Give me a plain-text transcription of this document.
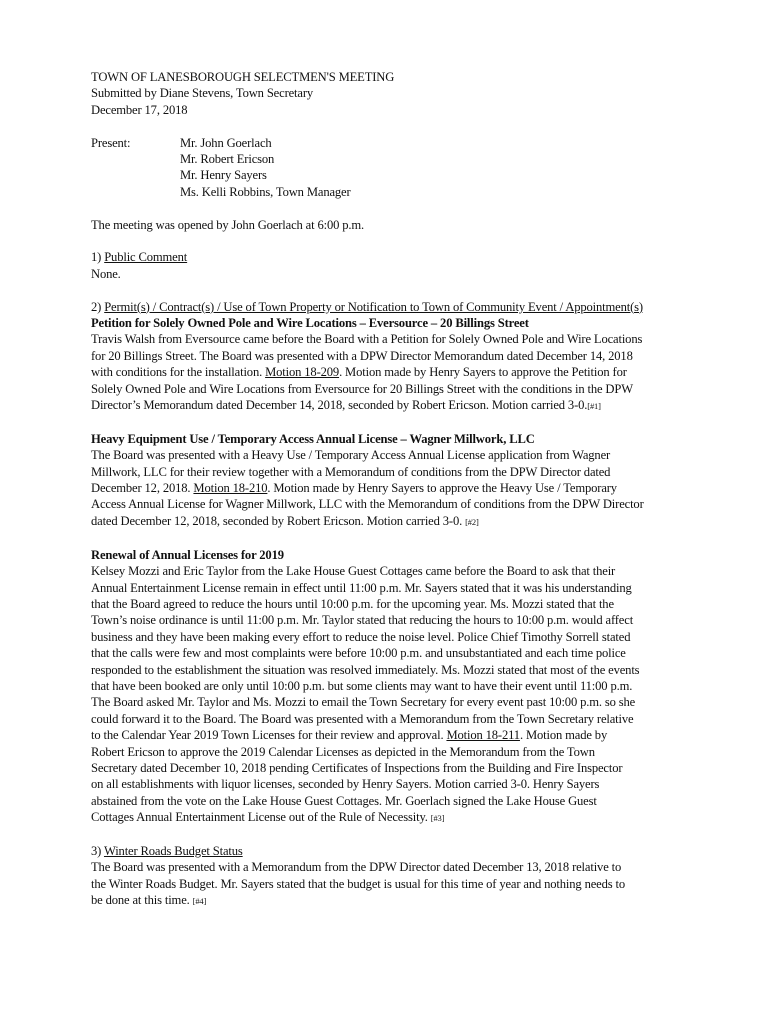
TOWN OF LANESBOROUGH SELECTMEN'S MEETING
Submitted by Diane Stevens, Town Secretary
December 17, 2018
Present:	Mr. John Goerlach
Mr. Robert Ericson
Mr. Henry Sayers
Ms. Kelli Robbins, Town Manager
The meeting was opened by John Goerlach at 6:00 p.m.
1) Public Comment
None.
2) Permit(s) / Contract(s) / Use of Town Property or Notification to Town of Community Event / Appointment(s)
Petition for Solely Owned Pole and Wire Locations – Eversource – 20 Billings Street
Travis Walsh from Eversource came before the Board with a Petition for Solely Owned Pole and Wire Locations
for 20 Billings Street. The Board was presented with a DPW Director Memorandum dated December 14, 2018
with conditions for the installation. Motion 18-209. Motion made by Henry Sayers to approve the Petition for
Solely Owned Pole and Wire Locations from Eversource for 20 Billings Street with the conditions in the DPW
Director’s Memorandum dated December 14, 2018, seconded by Robert Ericson. Motion carried 3-0.[#1]
Heavy Equipment Use / Temporary Access Annual License – Wagner Millwork, LLC
The Board was presented with a Heavy Use / Temporary Access Annual License application from Wagner
Millwork, LLC for their review together with a Memorandum of conditions from the DPW Director dated
December 12, 2018. Motion 18-210. Motion made by Henry Sayers to approve the Heavy Use / Temporary
Access Annual License for Wagner Millwork, LLC with the Memorandum of conditions from the DPW Director
dated December 12, 2018, seconded by Robert Ericson. Motion carried 3-0. [#2]
Renewal of Annual Licenses for 2019
Kelsey Mozzi and Eric Taylor from the Lake House Guest Cottages came before the Board to ask that their
Annual Entertainment License remain in effect until 11:00 p.m. Mr. Sayers stated that it was his understanding
that the Board agreed to reduce the hours until 10:00 p.m. for the upcoming year. Ms. Mozzi stated that the
Town’s noise ordinance is until 11:00 p.m. Mr. Taylor stated that reducing the hours to 10:00 p.m. would affect
business and they have been making every effort to reduce the noise level. Police Chief Timothy Sorrell stated
that the calls were few and most complaints were before 10:00 p.m. and unsubstantiated and each time police
responded to the establishment the situation was resolved immediately. Ms. Mozzi stated that most of the events
that have been booked are only until 10:00 p.m. but some clients may want to have their event until 11:00 p.m.
The Board asked Mr. Taylor and Ms. Mozzi to email the Town Secretary for every event past 10:00 p.m. so she
could forward it to the Board. The Board was presented with a Memorandum from the Town Secretary relative
to the Calendar Year 2019 Town Licenses for their review and approval. Motion 18-211. Motion made by
Robert Ericson to approve the 2019 Calendar Licenses as depicted in the Memorandum from the Town
Secretary dated December 10, 2018 pending Certificates of Inspections from the Building and Fire Inspector
on all establishments with liquor licenses, seconded by Henry Sayers. Motion carried 3-0. Henry Sayers
abstained from the vote on the Lake House Guest Cottages. Mr. Goerlach signed the Lake House Guest
Cottages Annual Entertainment License out of the Rule of Necessity. [#3]
3) Winter Roads Budget Status
The Board was presented with a Memorandum from the DPW Director dated December 13, 2018 relative to
the Winter Roads Budget. Mr. Sayers stated that the budget is usual for this time of year and nothing needs to
be done at this time. [#4]
